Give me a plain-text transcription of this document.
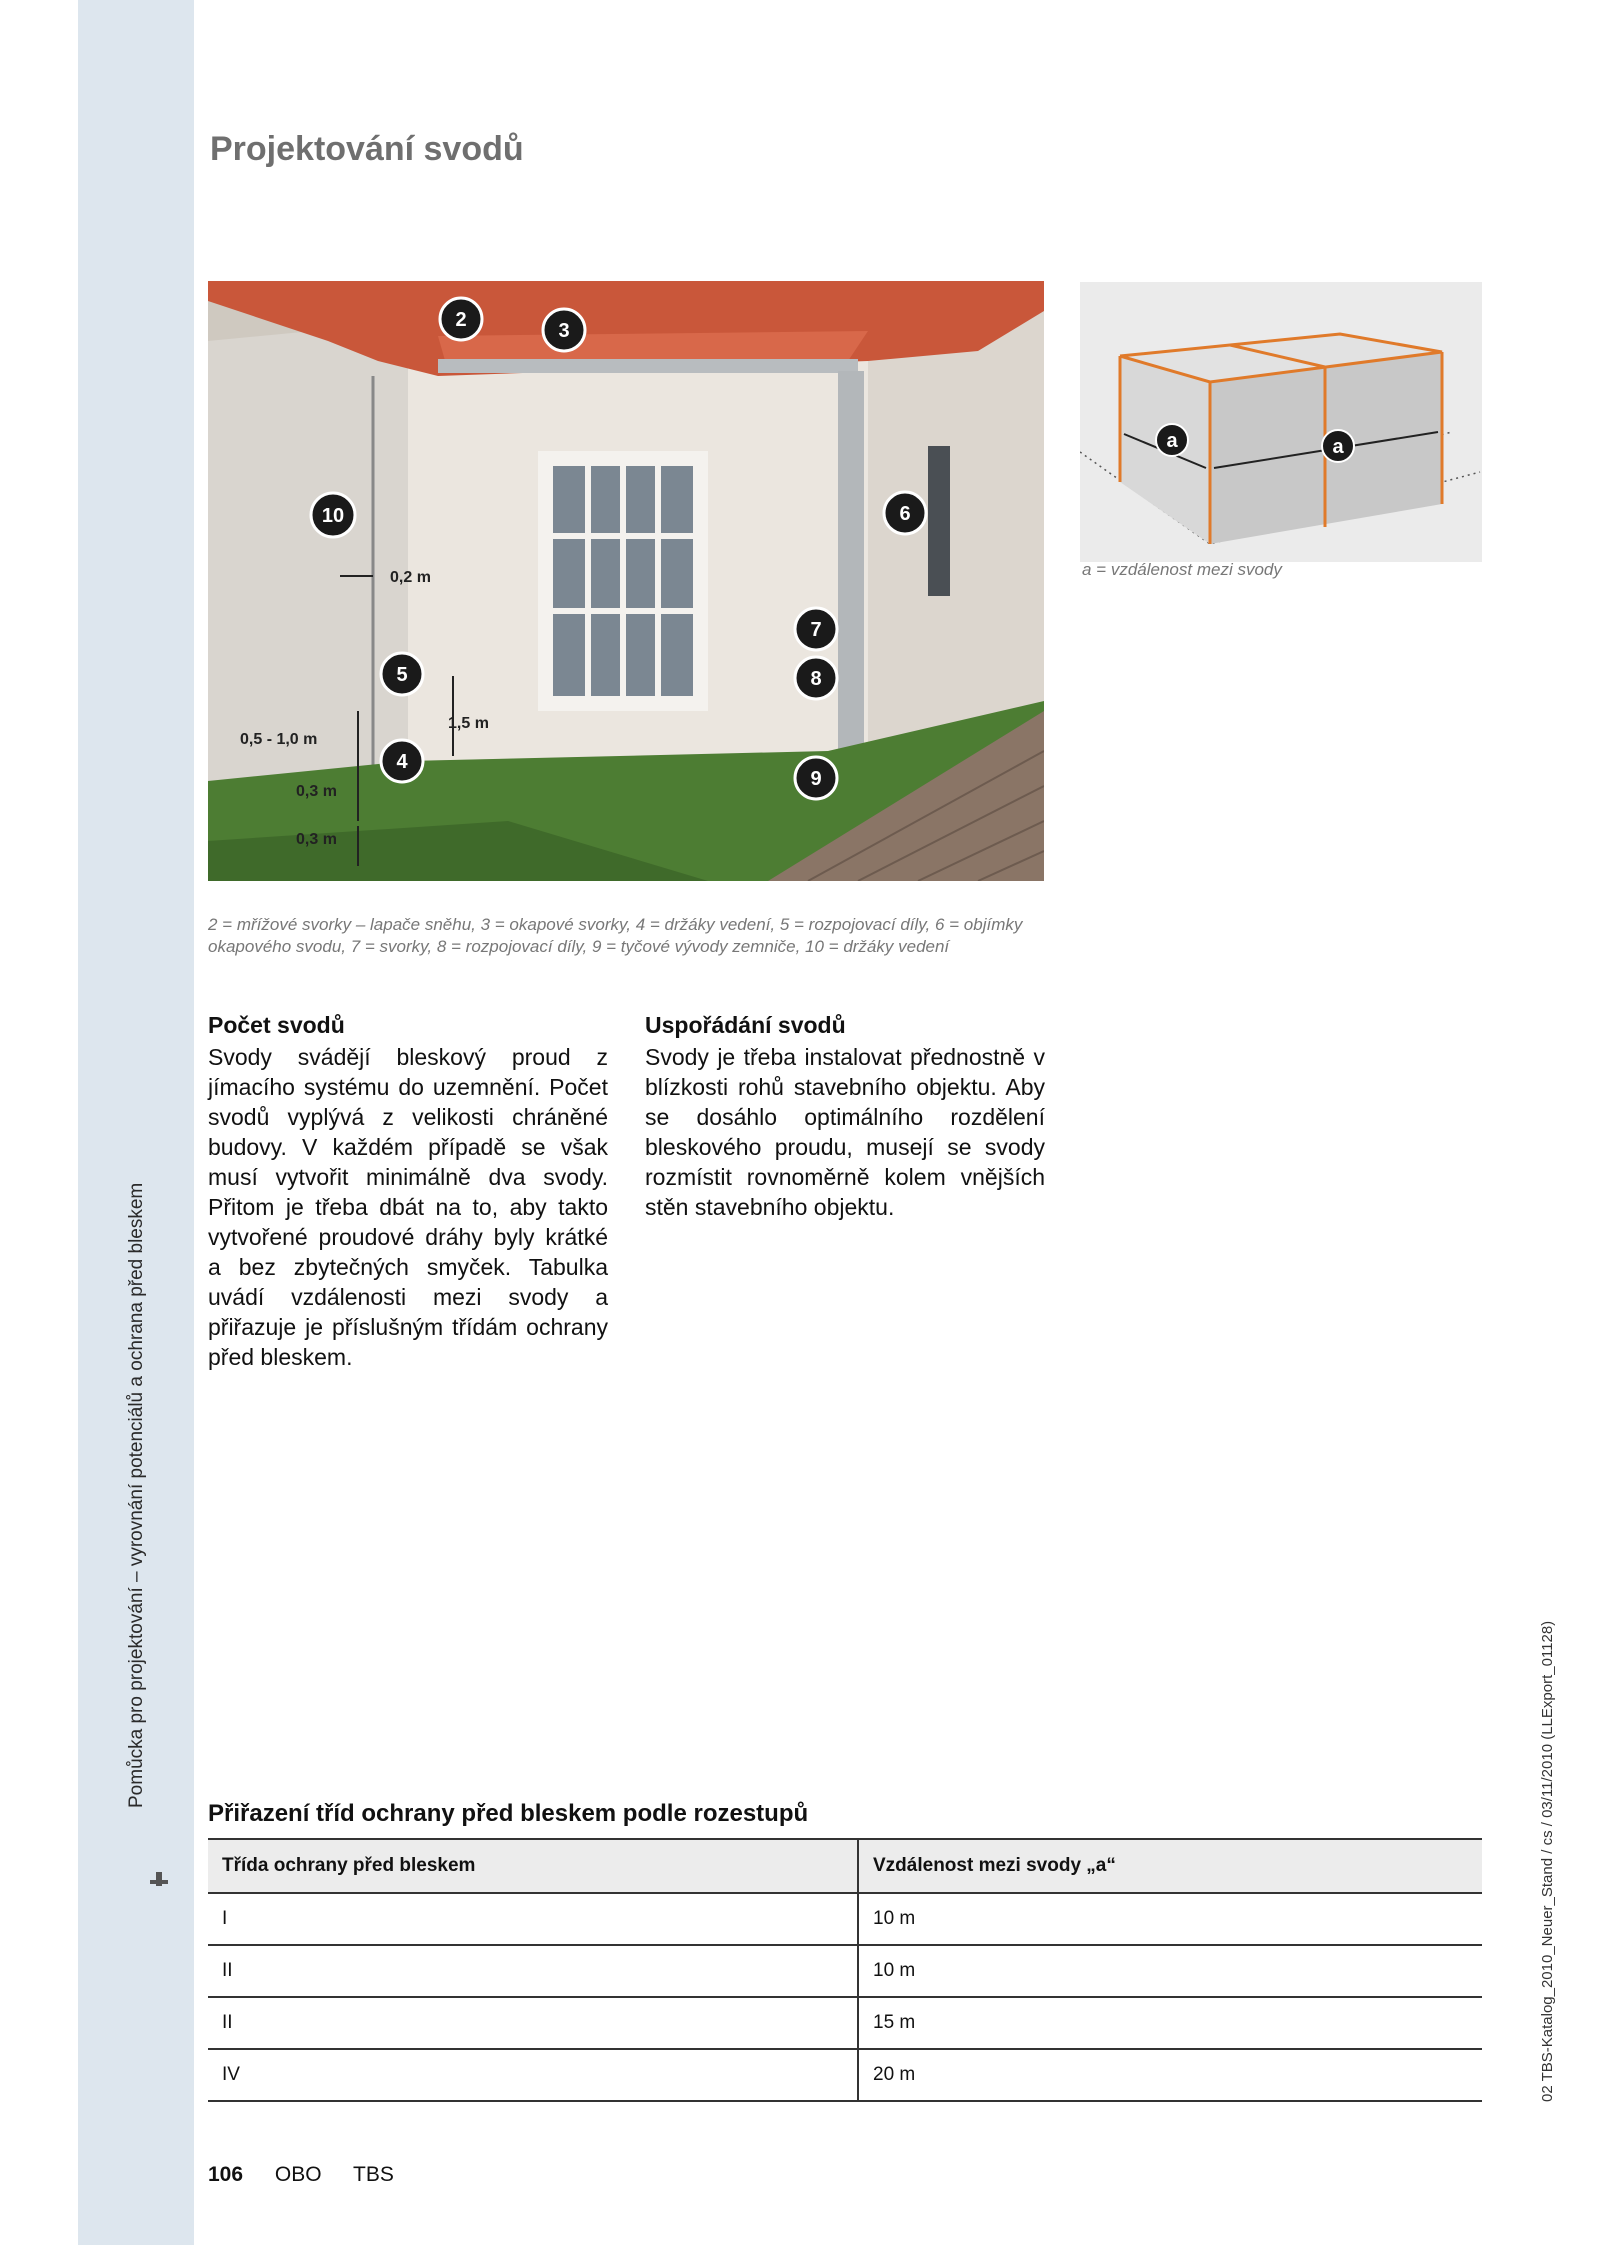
Pomůcka pro projektování – vyrovnání potenciálů a ochrana před bleskem
Projektování svodů
0,2 m
1,5 m
0,5 - 1,0 m
0,3 m
0,3 m
2	3
4
5
6
7
8
9
10
a	a
a = vzdálenost mezi svody

2 = mřížové svorky – lapače sněhu, 3 = okapové svorky, 4 = držáky vedení, 5 = rozpojovací díly, 6 = objímky okapového svodu, 7 = svorky, 8 = rozpojovací díly, 9 = tyčové vývody zemniče, 10 = držáky vedení

Počet svodů

Svody svádějí bleskový proud z jímacího systému do uzemnění. Počet svodů vyplývá z velikosti chráněné budovy. V každém případě se však musí vytvořit minimálně dva svody. Přitom je třeba dbát na to, aby takto vytvořené proudové dráhy byly krátké a bez zbytečných smyček. Tabulka uvádí vzdálenosti mezi svody a přiřazuje je příslušným třídám ochrany před bleskem.

Uspořádání svodů

Svody je třeba instalovat přednostně v blízkosti rohů stavebního objektu. Aby se dosáhlo optimálního rozdělení bleskového proudu, musejí se svody rozmístit rovnoměrně kolem vnějších stěn stavebního objektu.

Přiřazení tříd ochrany před bleskem podle rozestupů
Třída ochrany před bleskem	Vzdálenost mezi svody „a“
I	10 m
II	10 m
II	15 m
IV	20 m
106 OBO TBS
02 TBS-Katalog_2010_Neuer_Stand / cs / 03/11/2010 (LLExport_01128)
